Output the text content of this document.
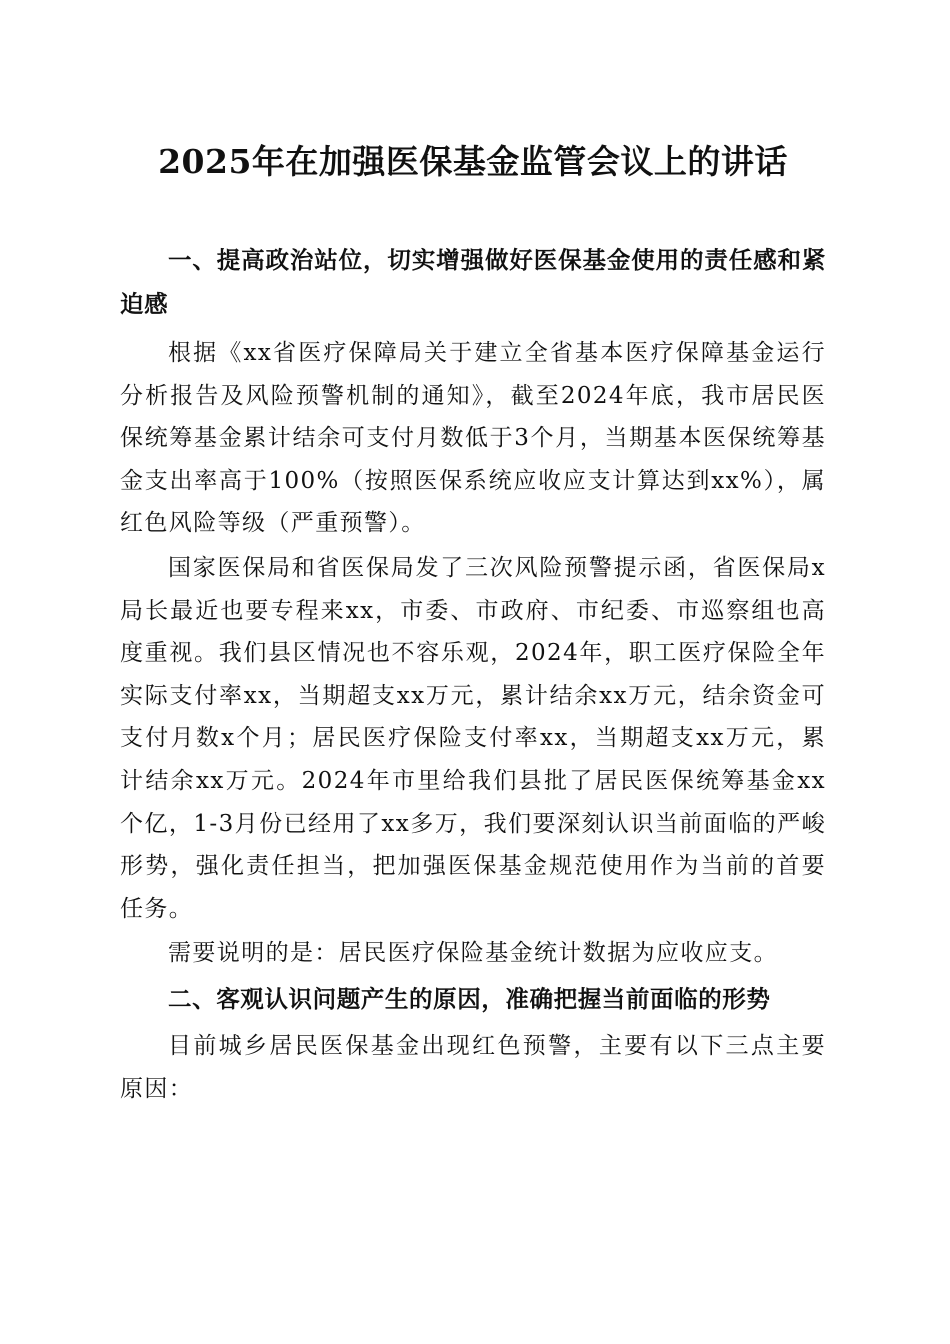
2025年在加强医保基金监管会议上的讲话
一、提高政治站位，切实增强做好医保基金使用的责任感和紧迫感

根据《xx省医疗保障局关于建立全省基本医疗保障基金运行分析报告及风险预警机制的通知》，截至2024年底，我市居民医保统筹基金累计结余可支付月数低于3个月，当期基本医保统筹基金支出率高于100%（按照医保系统应收应支计算达到xx%），属红色风险等级（严重预警）。

国家医保局和省医保局发了三次风险预警提示函，省医保局x局长最近也要专程来xx，市委、市政府、市纪委、市巡察组也高度重视。我们县区情况也不容乐观，2024年，职工医疗保险全年实际支付率xx，当期超支xx万元，累计结余xx万元，结余资金可支付月数x个月；居民医疗保险支付率xx，当期超支xx万元，累计结余xx万元。2024年市里给我们县批了居民医保统筹基金xx个亿，1-3月份已经用了xx多万，我们要深刻认识当前面临的严峻形势，强化责任担当，把加强医保基金规范使用作为当前的首要任务。

需要说明的是：居民医疗保险基金统计数据为应收应支。

二、客观认识问题产生的原因，准确把握当前面临的形势

目前城乡居民医保基金出现红色预警，主要有以下三点主要原因：
